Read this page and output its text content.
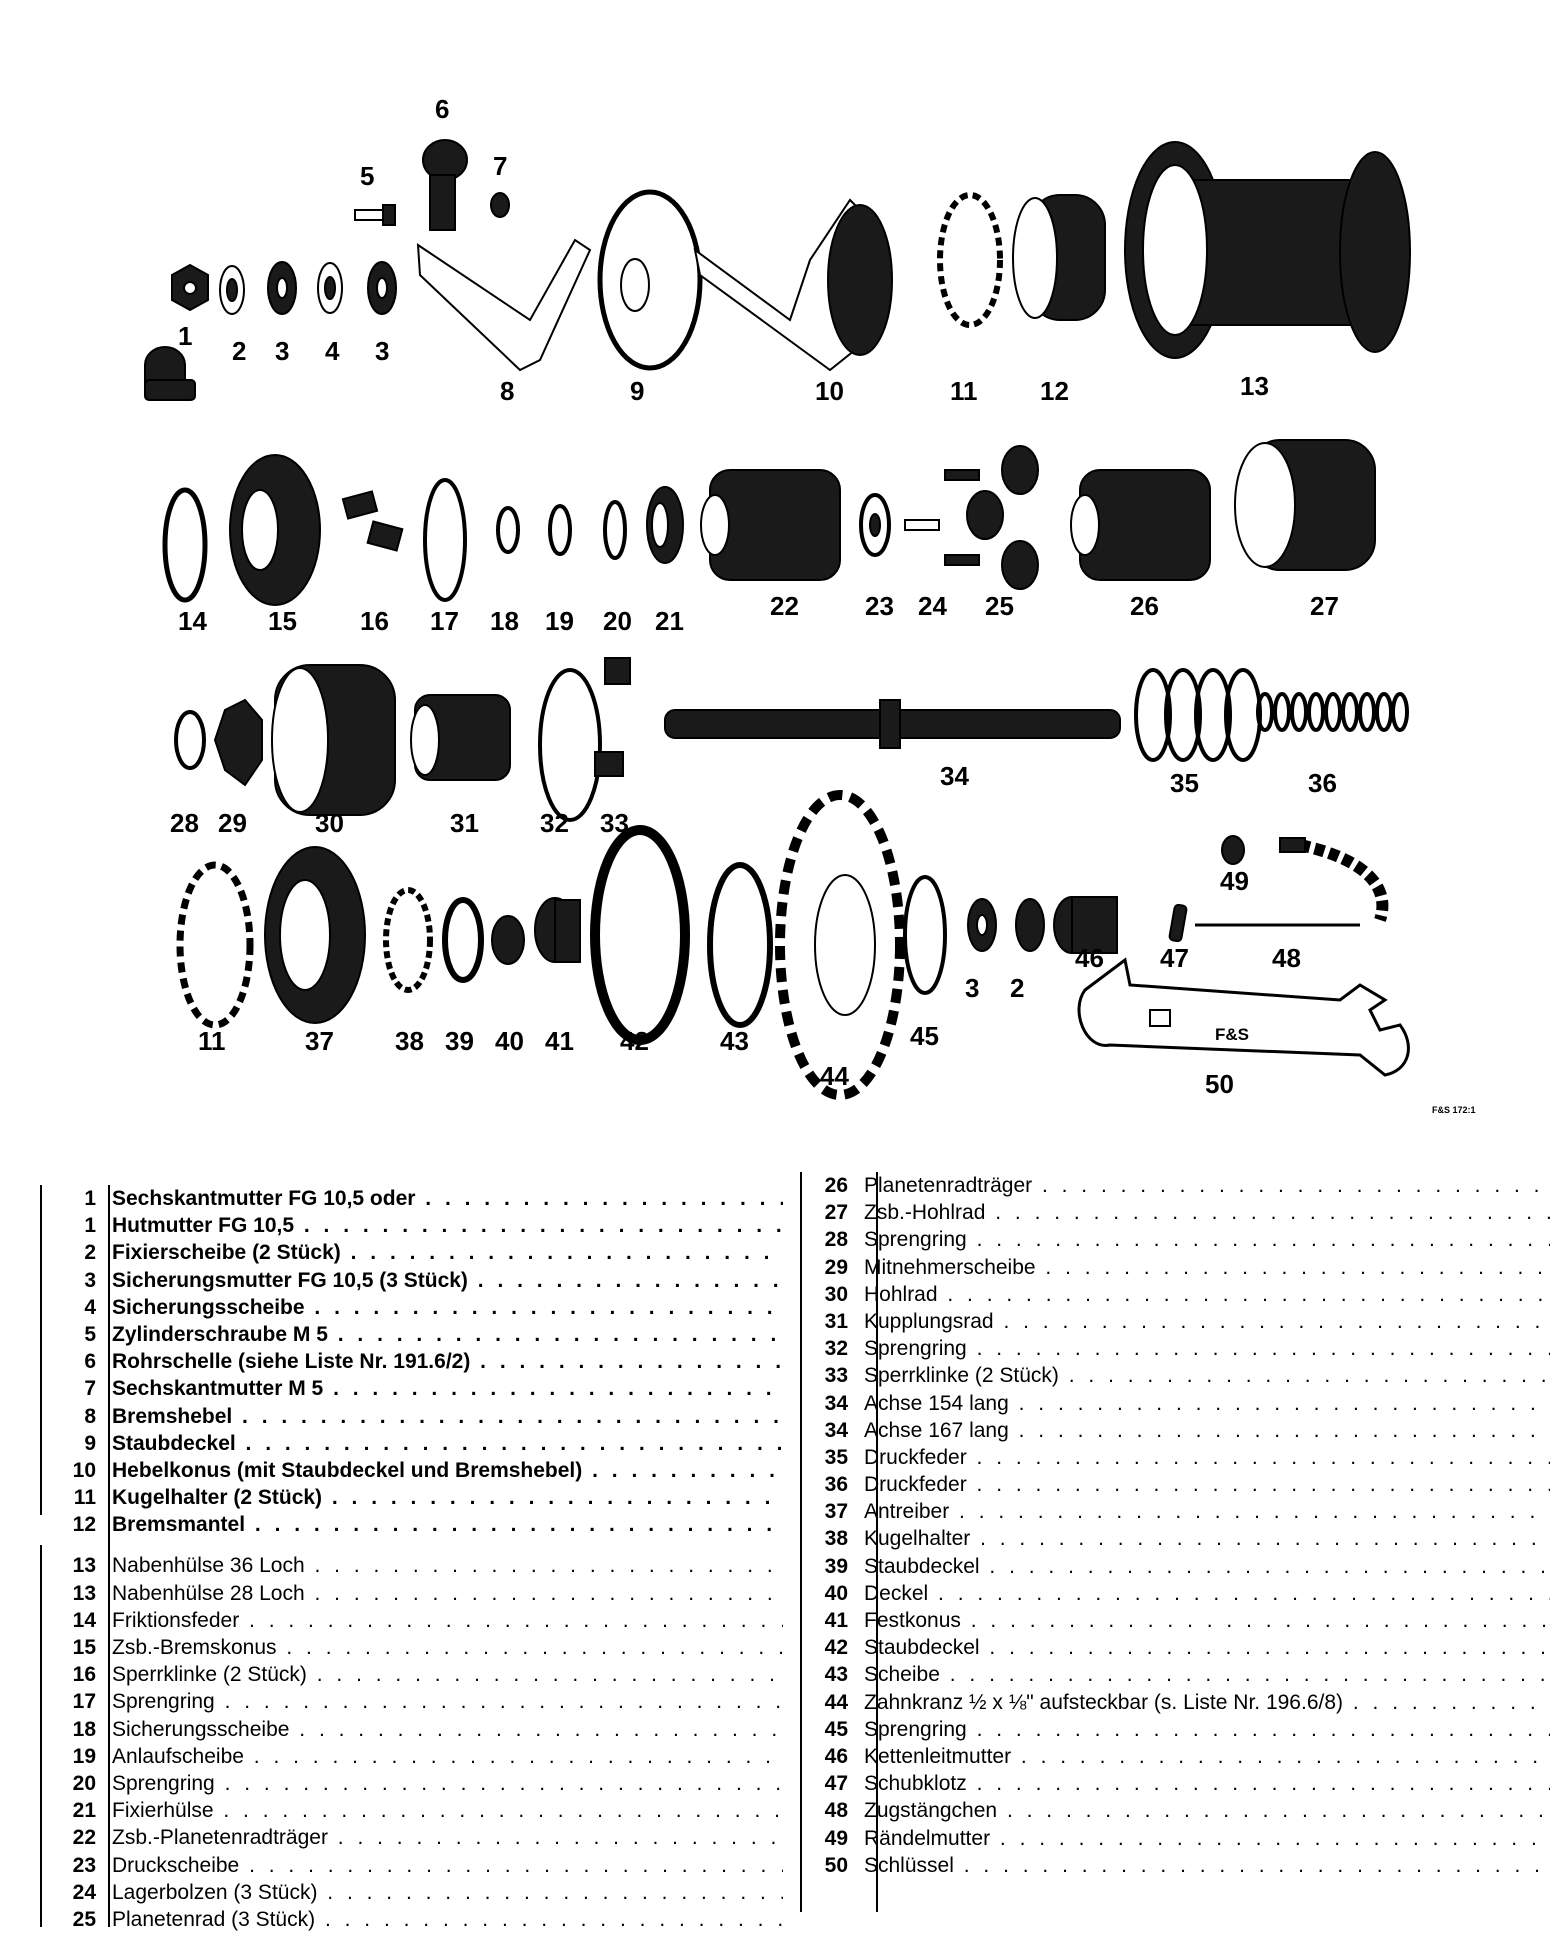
F&S
1 2 3 4 3
5
6
7
8	9	10	11 12	13
14 15 16 17 18 19 20 21	22	23 24 25	26	27
28 29	30	31 32 33
34	35	36
11	37 38 39 40 41 42	43
44
45
3 2
46 47	48
49
50
F&S 172:1
1 Sechskantmutter FG 10,5 oder . . .
1 Hutmutter FG 10,5 . . .
2 Fixierscheibe (2 Stück) . . .
3 Sicherungsmutter FG 10,5 (3 Stück) . . .
4 Sicherungsscheibe . . .
5 Zylinderschraube M 5 . . .
6 Rohrschelle (siehe Liste Nr. 191.6/2) . . .
7 Sechskantmutter M 5 . . .
8 Bremshebel . . .
9 Staubdeckel . . .
10 Hebelkonus (mit Staubdeckel und Bremshebel) . . .
11 Kugelhalter (2 Stück) . . .
12 Bremsmantel . . .
13 Nabenhülse 36 Loch . . .
13 Nabenhülse 28 Loch . . .
14 Friktionsfeder . . .
15 Zsb.-Bremskonus . . .
16 Sperrklinke (2 Stück) . . .
17 Sprengring . . .
18 Sicherungsscheibe . . .
19 Anlaufscheibe . . .
20 Sprengring . . .
21 Fixierhülse . . .
22 Zsb.-Planetenradträger . . .
23 Druckscheibe . . .
24 Lagerbolzen (3 Stück) . . .
25 Planetenrad (3 Stück) . . .
26 Planetenradträger . . .
27 Zsb.-Hohlrad . . .
28 Sprengring . . .
29 Mitnehmerscheibe . . .
30 Hohlrad . . .
31 Kupplungsrad . . .
32 Sprengring . . .
33 Sperrklinke (2 Stück) . . .
34 Achse 154 lang . . .
34 Achse 167 lang . . .
35 Druckfeder . . .
36 Druckfeder . . .
37 Antreiber . . .
38 Kugelhalter . . .
39 Staubdeckel . . .
40 Deckel . . .
41 Festkonus . . .
42 Staubdeckel . . .
43 Scheibe . . .
44 Zahnkranz ½ x ⅛" aufsteckbar (s. Liste Nr. 196.6/8) . . .
45 Sprengring . . .
46 Kettenleitmutter . . .
47 Schubklotz . . .
48 Zugstängchen . . .
49 Rändelmutter . . .
50 Schlüssel . . .
